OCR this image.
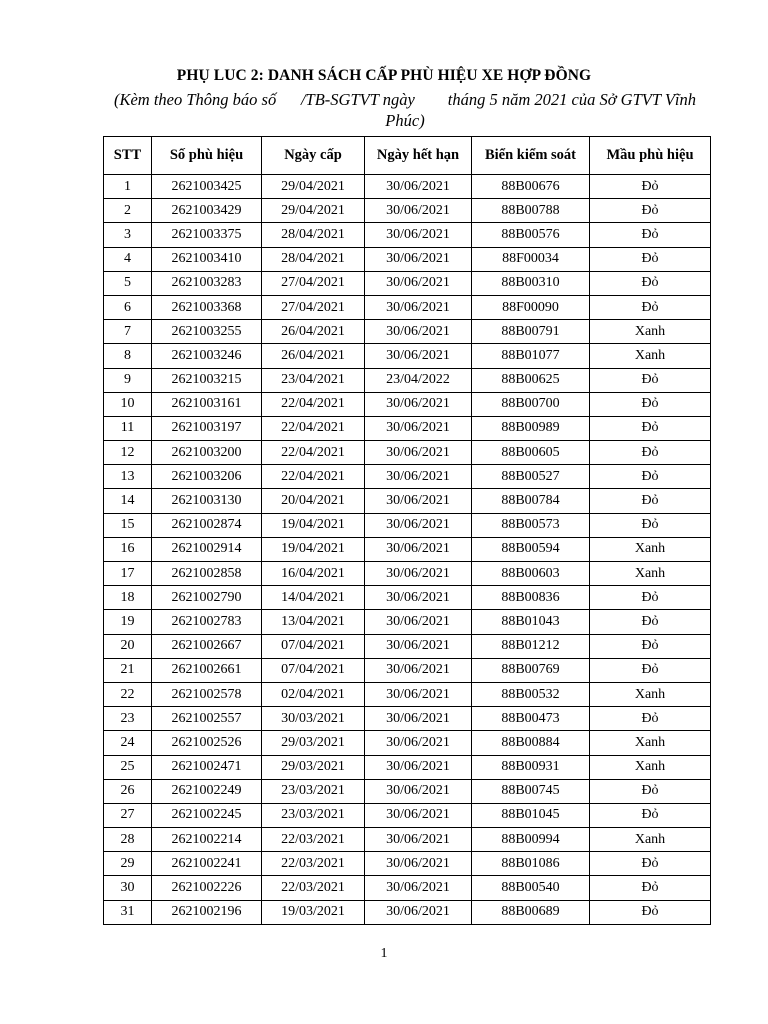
PHỤ LUC 2: DANH SÁCH CẤP PHÙ HIỆU XE HỢP ĐỒNG
(Kèm theo Thông báo số      /TB-SGTVT ngày        tháng 5 năm 2021 của Sở GTVT Vĩnh Phúc)
STT	Số phù hiệu	Ngày cấp	Ngày hết hạn	Biển kiểm soát	Mầu phù hiệu
1	2621003425	29/04/2021	30/06/2021	88B00676	Đỏ
2	2621003429	29/04/2021	30/06/2021	88B00788	Đỏ
3	2621003375	28/04/2021	30/06/2021	88B00576	Đỏ
4	2621003410	28/04/2021	30/06/2021	88F00034	Đỏ
5	2621003283	27/04/2021	30/06/2021	88B00310	Đỏ
6	2621003368	27/04/2021	30/06/2021	88F00090	Đỏ
7	2621003255	26/04/2021	30/06/2021	88B00791	Xanh
8	2621003246	26/04/2021	30/06/2021	88B01077	Xanh
9	2621003215	23/04/2021	23/04/2022	88B00625	Đỏ
10	2621003161	22/04/2021	30/06/2021	88B00700	Đỏ
11	2621003197	22/04/2021	30/06/2021	88B00989	Đỏ
12	2621003200	22/04/2021	30/06/2021	88B00605	Đỏ
13	2621003206	22/04/2021	30/06/2021	88B00527	Đỏ
14	2621003130	20/04/2021	30/06/2021	88B00784	Đỏ
15	2621002874	19/04/2021	30/06/2021	88B00573	Đỏ
16	2621002914	19/04/2021	30/06/2021	88B00594	Xanh
17	2621002858	16/04/2021	30/06/2021	88B00603	Xanh
18	2621002790	14/04/2021	30/06/2021	88B00836	Đỏ
19	2621002783	13/04/2021	30/06/2021	88B01043	Đỏ
20	2621002667	07/04/2021	30/06/2021	88B01212	Đỏ
21	2621002661	07/04/2021	30/06/2021	88B00769	Đỏ
22	2621002578	02/04/2021	30/06/2021	88B00532	Xanh
23	2621002557	30/03/2021	30/06/2021	88B00473	Đỏ
24	2621002526	29/03/2021	30/06/2021	88B00884	Xanh
25	2621002471	29/03/2021	30/06/2021	88B00931	Xanh
26	2621002249	23/03/2021	30/06/2021	88B00745	Đỏ
27	2621002245	23/03/2021	30/06/2021	88B01045	Đỏ
28	2621002214	22/03/2021	30/06/2021	88B00994	Xanh
29	2621002241	22/03/2021	30/06/2021	88B01086	Đỏ
30	2621002226	22/03/2021	30/06/2021	88B00540	Đỏ
31	2621002196	19/03/2021	30/06/2021	88B00689	Đỏ
1
